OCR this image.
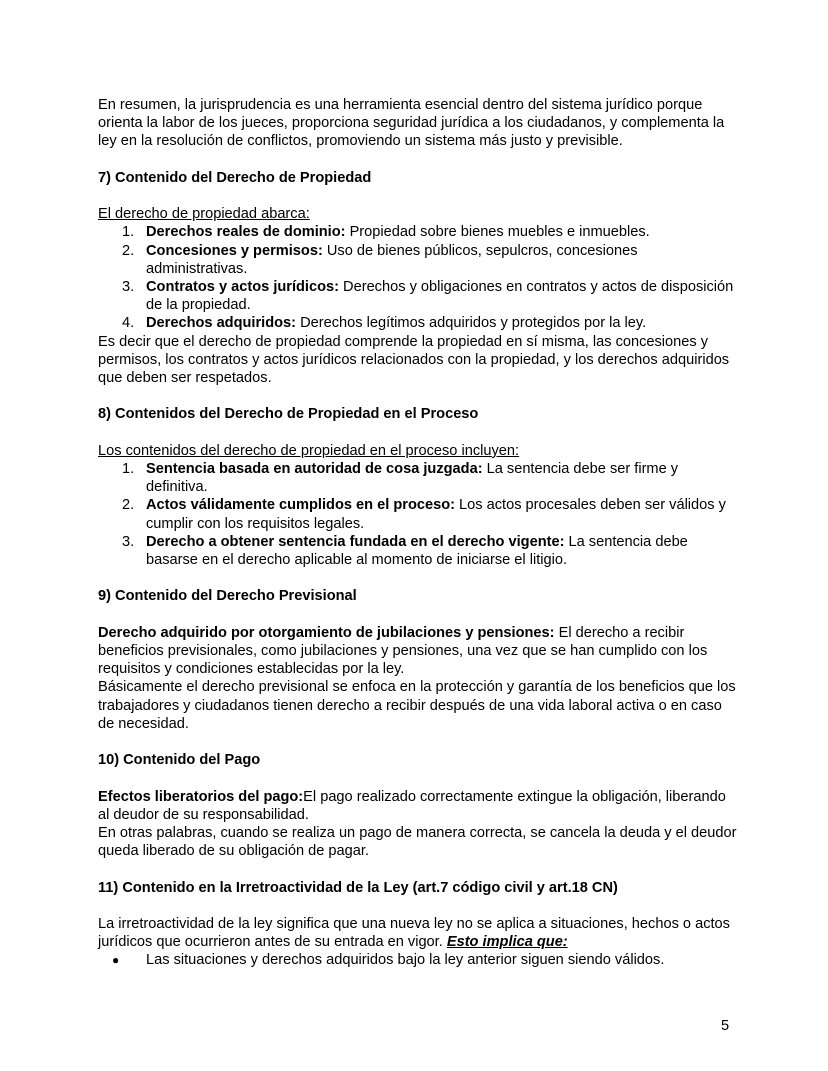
En resumen, la jurisprudencia es una herramienta esencial dentro del sistema jurídico porque orienta la labor de los jueces, proporciona seguridad jurídica a los ciudadanos, y complementa la ley en la resolución de conflictos, promoviendo un sistema más justo y previsible.

7) Contenido del Derecho de Propiedad

El derecho de propiedad abarca:

1. Derechos reales de dominio: Propiedad sobre bienes muebles e inmuebles.
2. Concesiones y permisos: Uso de bienes públicos, sepulcros, concesiones administrativas.
3. Contratos y actos jurídicos: Derechos y obligaciones en contratos y actos de disposición de la propiedad.
4. Derechos adquiridos: Derechos legítimos adquiridos y protegidos por la ley.

Es decir que el derecho de propiedad comprende la propiedad en sí misma, las concesiones y permisos, los contratos y actos jurídicos relacionados con la propiedad, y los derechos adquiridos que deben ser respetados.

8) Contenidos del Derecho de Propiedad en el Proceso

Los contenidos del derecho de propiedad en el proceso incluyen:

1. Sentencia basada en autoridad de cosa juzgada: La sentencia debe ser firme y definitiva.
2. Actos válidamente cumplidos en el proceso: Los actos procesales deben ser válidos y cumplir con los requisitos legales.
3. Derecho a obtener sentencia fundada en el derecho vigente: La sentencia debe basarse en el derecho aplicable al momento de iniciarse el litigio.

9) Contenido del Derecho Previsional

Derecho adquirido por otorgamiento de jubilaciones y pensiones: El derecho a recibir beneficios previsionales, como jubilaciones y pensiones, una vez que se han cumplido con los requisitos y condiciones establecidas por la ley.

Básicamente el derecho previsional se enfoca en la protección y garantía de los beneficios que los trabajadores y ciudadanos tienen derecho a recibir después de una vida laboral activa o en caso de necesidad.

10) Contenido del Pago

Efectos liberatorios del pago:El pago realizado correctamente extingue la obligación, liberando al deudor de su responsabilidad.

En otras palabras, cuando se realiza un pago de manera correcta, se cancela la deuda y el deudor queda liberado de su obligación de pagar.

11) Contenido en la Irretroactividad de la Ley (art.7 código civil y art.18 CN)

La irretroactividad de la ley significa que una nueva ley no se aplica a situaciones, hechos o actos jurídicos que ocurrieron antes de su entrada en vigor. Esto implica que:

● Las situaciones y derechos adquiridos bajo la ley anterior siguen siendo válidos.
5
